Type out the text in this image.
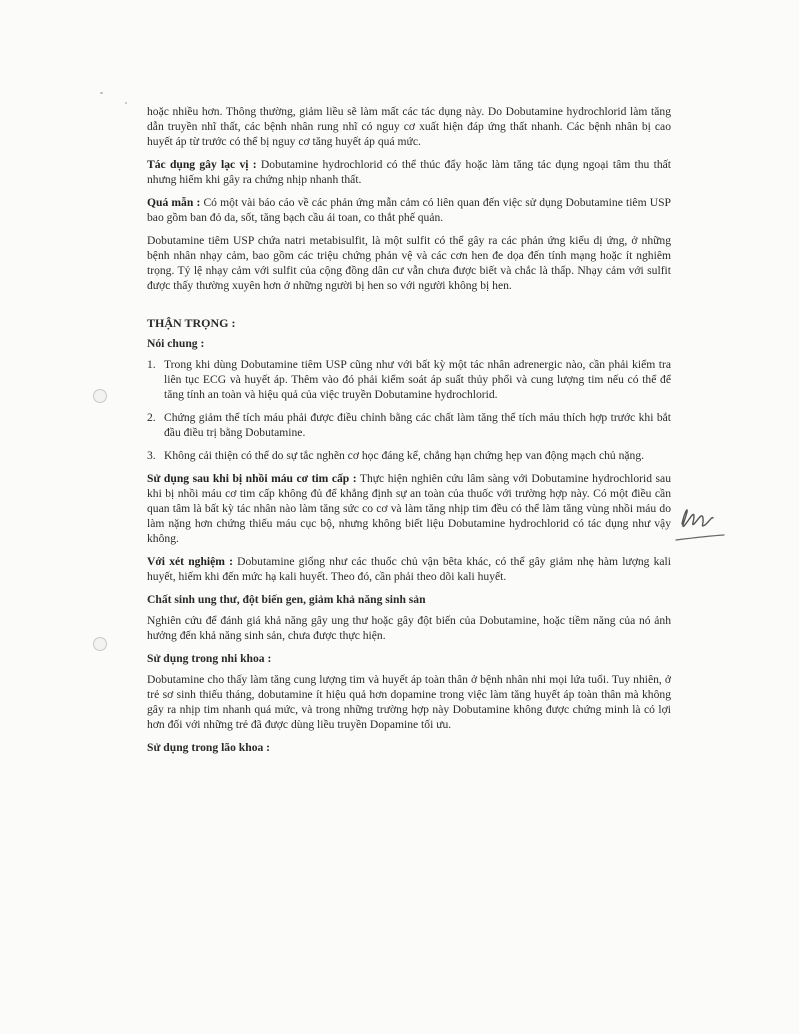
hoặc nhiều hơn. Thông thường, giảm liều sẽ làm mất các tác dụng này. Do Dobutamine hydrochlorid làm tăng dẫn truyền nhĩ thất, các bệnh nhân rung nhĩ có nguy cơ xuất hiện đáp ứng thất nhanh. Các bệnh nhân bị cao huyết áp từ trước có thể bị nguy cơ tăng huyết áp quá mức.

Tác dụng gây lạc vị : Dobutamine hydrochlorid có thể thúc đẩy hoặc làm tăng tác dụng ngoại tâm thu thất nhưng hiếm khi gây ra chứng nhịp nhanh thất.

Quá mẫn : Có một vài báo cáo về các phản ứng mẫn cảm có liên quan đến việc sử dụng Dobutamine tiêm USP bao gồm ban đỏ da, sốt, tăng bạch cầu ái toan, co thắt phế quản.

Dobutamine tiêm USP chứa natri metabisulfit, là một sulfit có thể gây ra các phản ứng kiểu dị ứng, ở những bệnh nhân nhạy cảm, bao gồm các triệu chứng phản vệ và các cơn hen đe dọa đến tính mạng hoặc ít nghiêm trọng. Tỷ lệ nhạy cảm với sulfit của cộng đồng dân cư vẫn chưa được biết và chắc là thấp. Nhạy cảm với sulfit được thấy thường xuyên hơn ở những người bị hen so với người không bị hen.

THẬN TRỌNG :

Nói chung :

1. Trong khi dùng Dobutamine tiêm USP cũng như với bất kỳ một tác nhân adrenergic nào, cần phải kiểm tra liên tục ECG và huyết áp. Thêm vào đó phải kiểm soát áp suất thủy phổi và cung lượng tim nếu có thể để tăng tính an toàn và hiệu quả của việc truyền Dobutamine hydrochlorid.
2. Chứng giảm thể tích máu phải được điều chỉnh bằng các chất làm tăng thể tích máu thích hợp trước khi bắt đầu điều trị bằng Dobutamine.
3. Không cải thiện có thể do sự tắc nghẽn cơ học đáng kể, chẳng hạn chứng hẹp van động mạch chủ nặng.

Sử dụng sau khi bị nhồi máu cơ tim cấp : Thực hiện nghiên cứu lâm sàng với Dobutamine hydrochlorid sau khi bị nhồi máu cơ tim cấp không đủ để khẳng định sự an toàn của thuốc với trường hợp này. Có một điều cần quan tâm là bất kỳ tác nhân nào làm tăng sức co cơ và làm tăng nhịp tim đều có thể làm tăng vùng nhồi máu do làm nặng hơn chứng thiếu máu cục bộ, nhưng không biết liệu Dobutamine hydrochlorid có tác dụng như vậy không.

Với xét nghiệm : Dobutamine giống như các thuốc chủ vận bêta khác, có thể gây giảm nhẹ hàm lượng kali huyết, hiếm khi đến mức hạ kali huyết. Theo đó, cần phải theo dõi kali huyết.

Chất sinh ung thư, đột biến gen, giảm khả năng sinh sản

Nghiên cứu để đánh giá khả năng gây ung thư hoặc gây đột biến của Dobutamine, hoặc tiềm năng của nó ảnh hưởng đến khả năng sinh sản, chưa được thực hiện.

Sử dụng trong nhi khoa :

Dobutamine cho thấy làm tăng cung lượng tim và huyết áp toàn thân ở bệnh nhân nhi mọi lứa tuổi. Tuy nhiên, ở trẻ sơ sinh thiếu tháng, dobutamine ít hiệu quả hơn dopamine trong việc làm tăng huyết áp toàn thân mà không gây ra nhịp tim nhanh quá mức, và trong những trường hợp này Dobutamine không được chứng minh là có lợi hơn đối với những trẻ đã được dùng liều truyền Dopamine tối ưu.

Sử dụng trong lão khoa :
